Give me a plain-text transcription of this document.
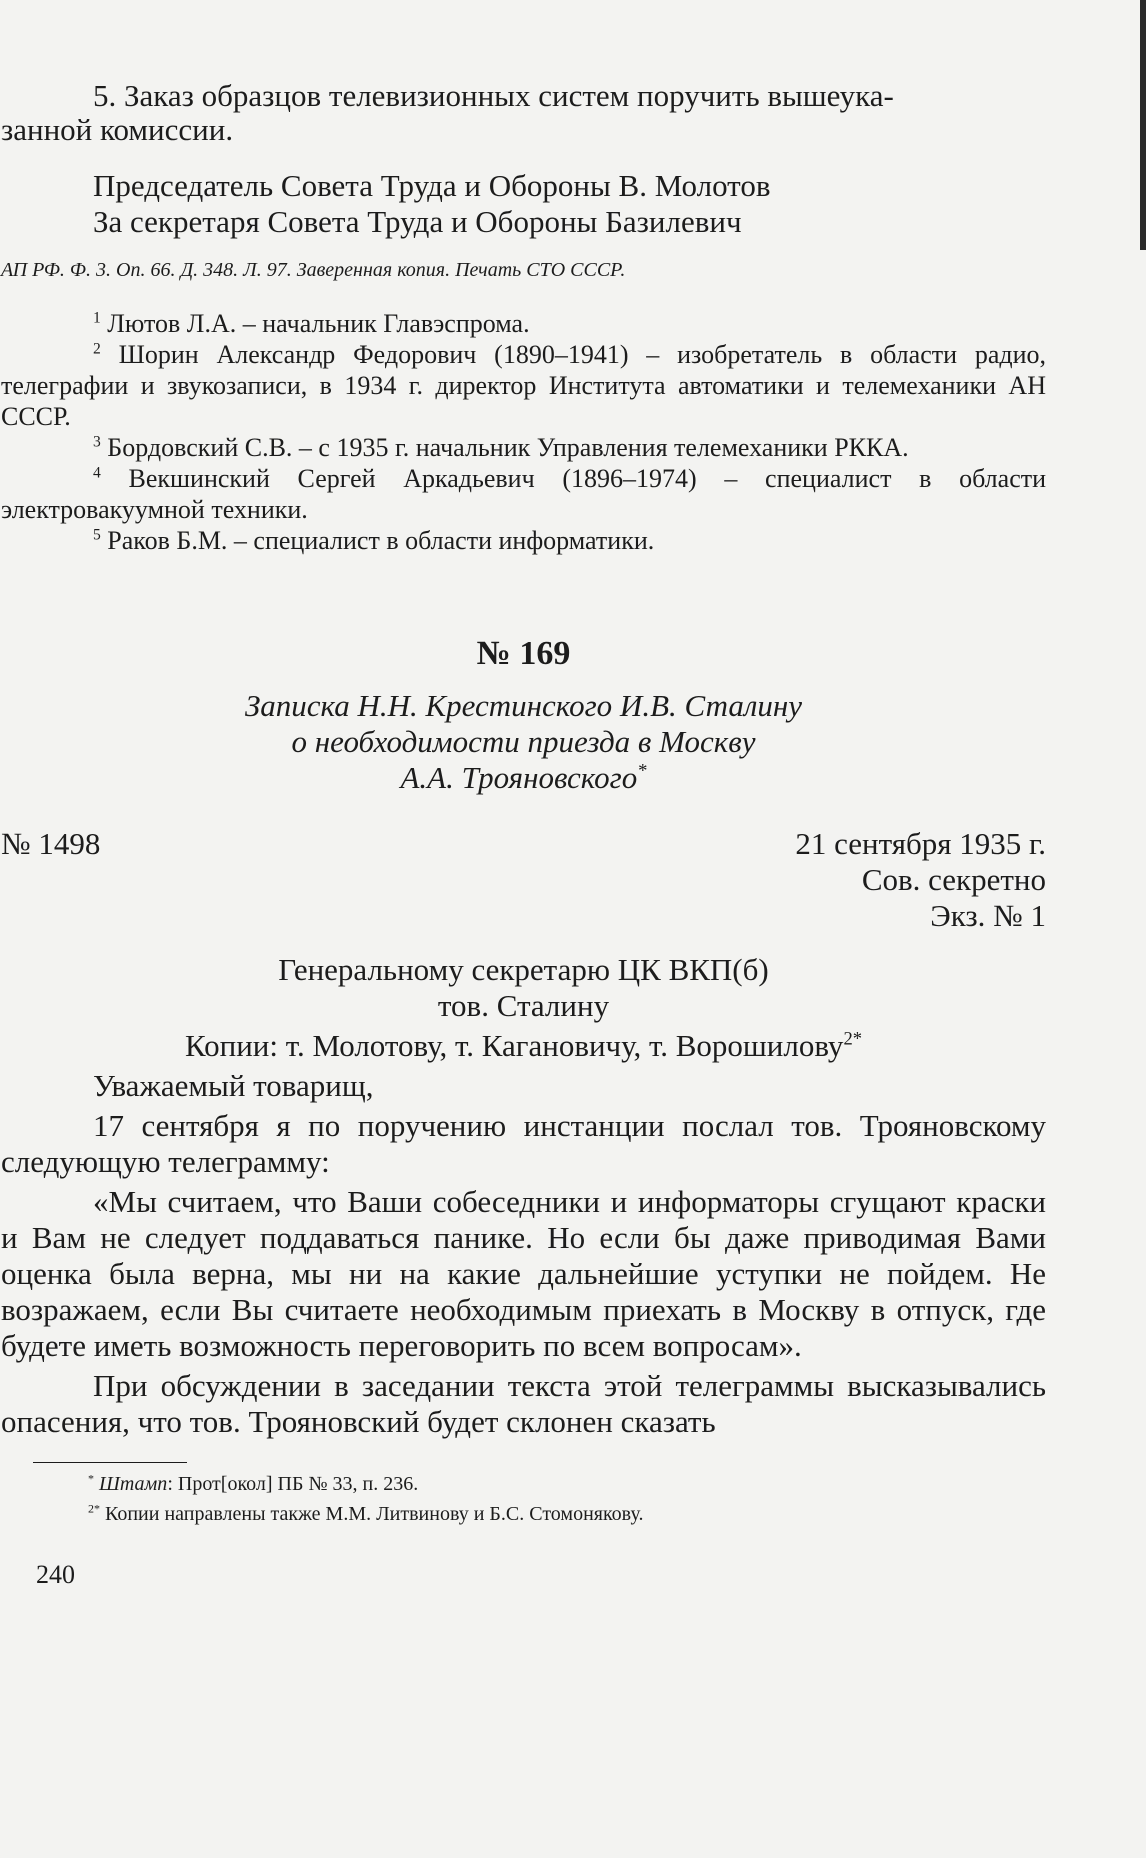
5. Заказ образцов телевизионных систем поручить вышеука-

занной комиссии.

Председатель Совета Труда и Обороны В. Молотов

За секретаря Совета Труда и Обороны Базилевич

АП РФ. Ф. 3. Оп. 66. Д. 348. Л. 97. Заверенная копия. Печать СТО СССР.

$^1$ Лютов Л.А. – начальник Главэспрома.

$^2$ Шорин Александр Федорович (1890–1941) – изобретатель в области радио, телеграфии и звукозаписи, в 1934 г. директор Института автоматики и телемеханики АН СССР.

$^3$ Бордовский С.В. – с 1935 г. начальник Управления телемеханики РККА.

$^4$ Векшинский Сергей Аркадьевич (1896–1974) – специалист в области электровакуумной техники.

$^5$ Раков Б.М. – специалист в области информатики.

№ 169

Записка Н.Н. Крестинского И.В. Сталину

о необходимости приезда в Москву

А.А. Трояновского*

№ 1498	21 сентября 1935 г.

Сов. секретно

Экз. № 1

Генеральному секретарю ЦК ВКП(б)

тов. Сталину

Копии: т. Молотову, т. Кагановичу, т. Ворошилову$^{2*}$

Уважаемый товарищ,

17 сентября я по поручению инстанции послал тов. Трояновскому следующую телеграмму:

«Мы считаем, что Ваши собеседники и информаторы сгущают краски и Вам не следует поддаваться панике. Но если бы даже приводимая Вами оценка была верна, мы ни на какие дальнейшие уступки не пойдем. Не возражаем, если Вы считаете необходимым приехать в Москву в отпуск, где будете иметь возможность переговорить по всем вопросам».

При обсуждении в заседании текста этой телеграммы высказывались опасения, что тов. Трояновский будет склонен сказать

* Штамп: Прот[окол] ПБ № 33, п. 236.

$^{2*}$ Копии направлены также М.М. Литвинову и Б.С. Стомонякову.

240
